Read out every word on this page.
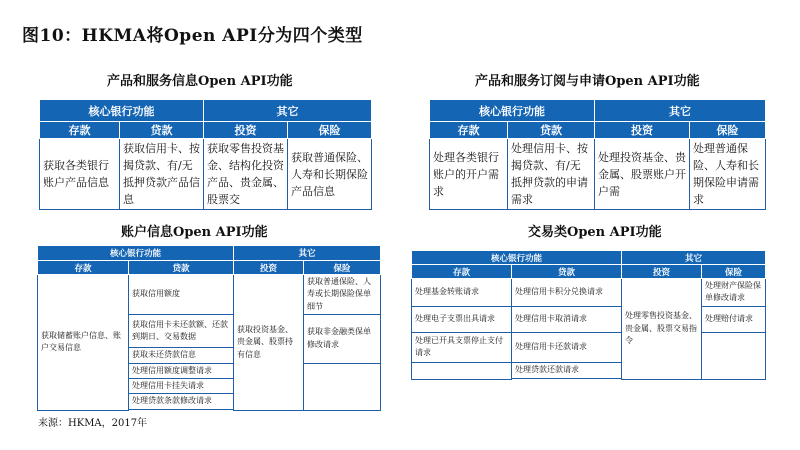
图10：HKMA将Open API分为四个类型
产品和服务信息Open API功能
核心银行功能		其它	
存款	贷款	投资	保险
获取各类银行账户产品信息	获取信用卡、按揭贷款、有/无抵押贷款产品信息	获取零售投资基金、结构化投资产品、贵金属、股票交	获取普通保险、人寿和长期保险产品信息
产品和服务订阅与申请Open API功能
核心银行功能		其它	
存款	贷款	投资	保险
处理各类银行账户的开户需求	处理信用卡、按揭贷款、有/无抵押贷款的申请需求	处理投资基金、贵金属、股票账户开户需	处理普通保险、人寿和长期保险申请需求
账户信息Open API功能
核心银行功能		其它	
存款	贷款	投资	保险
获取储蓄账户信息、账户交易信息	获取信用额度	获取投资基金、贵金属、股票持有信息	获取普通保险、人寿或长期保险保单细节
	获取信用卡未还款额、还款到期日、交易数据		获取非金融类保单修改请求
	获取未还贷款信息		
	处理信用额度调整请求		
	处理信用卡挂失请求		
	处理贷款条款修改请求		

交易类Open API功能
核心银行功能		其它	
存款	贷款	投资	保险
处理基金转账请求	处理信用卡积分兑换请求	处理零售投资基金、贵金属、股票交易指令	处理财产保险保单修改请求
处理电子支票出具请求	处理信用卡取消请求		处理赔付请求
处理已开具支票停止支付请求	处理信用卡还款请求		
	处理贷款还款请求		

来源：HKMA，2017年
